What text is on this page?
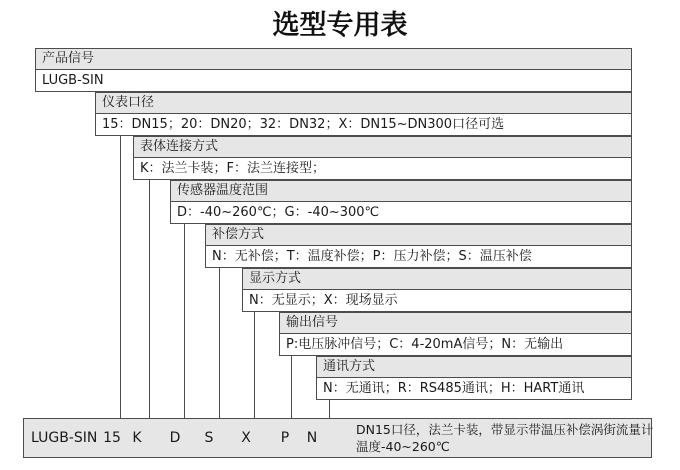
选型专用表
产品信号
LUGB-SIN
仪表口径
15：DN15；20：DN20；32：DN32；X：DN15~DN300口径可选
表体连接方式
K：法兰卡装；F：法兰连接型；
传感器温度范围
D：-40~260℃；G：-40~300℃
补偿方式
N：无补偿；T：温度补偿；P：压力补偿；S：温压补偿
显示方式
N：无显示；X：现场显示
输出信号
P:电压脉冲信号；C：4-20mA信号；N：无输出
通讯方式
N：无通讯；R：RS485通讯；H：HART通讯
LUGB-SIN 15 K D S X P N
DN15口径，法兰卡装，带显示带温压补偿涡街流量计
温度-40~260℃
